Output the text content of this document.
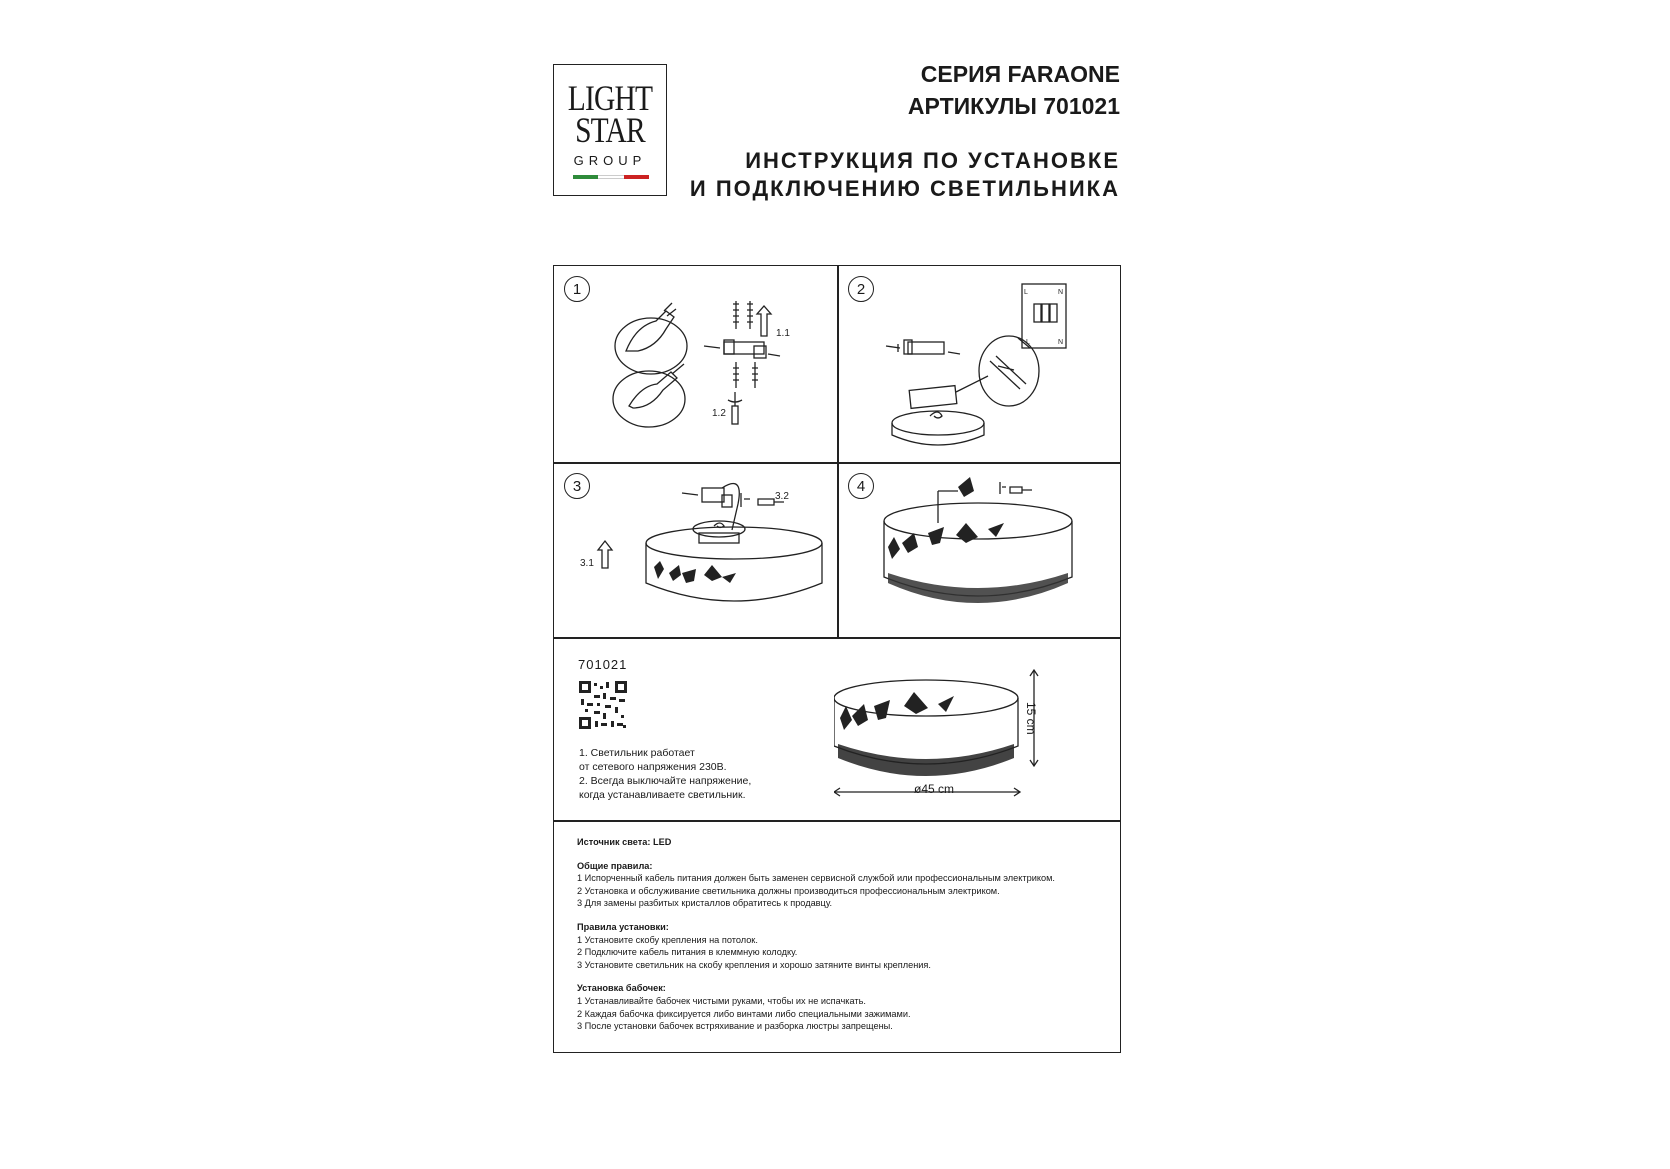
LIGHT
STAR
GROUP
СЕРИЯ FARAONE
АРТИКУЛЫ 701021
ИНСТРУКЦИЯ ПО УСТАНОВКЕ
И ПОДКЛЮЧЕНИЮ СВЕТИЛЬНИКА
1
1.1
1.2
2	L	N
L	N
3
3.1
3.2
4
701021
1. Светильник работает
от сетевого напряжения 230В.
2. Всегда выключайте напряжение,
когда устанавливаете светильник.	ø45 cm
15 cm
Источник света: LED
Общие правила:
1 Испорченный кабель питания должен быть заменен сервисной службой или профессиональным электриком.
2 Установка и обслуживание светильника должны производиться профессиональным электриком.
3 Для замены разбитых кристаллов обратитесь к продавцу.
Правила установки:
1 Установите скобу крепления на потолок.
2 Подключите кабель питания в клеммную колодку.
3 Установите светильник на скобу крепления и хорошо затяните винты крепления.
Установка бабочек:
1 Устанавливайте бабочек чистыми руками, чтобы их не испачкать.
2 Каждая бабочка фиксируется либо винтами либо специальными зажимами.
3 После установки бабочек встряхивание и разборка люстры запрещены.
